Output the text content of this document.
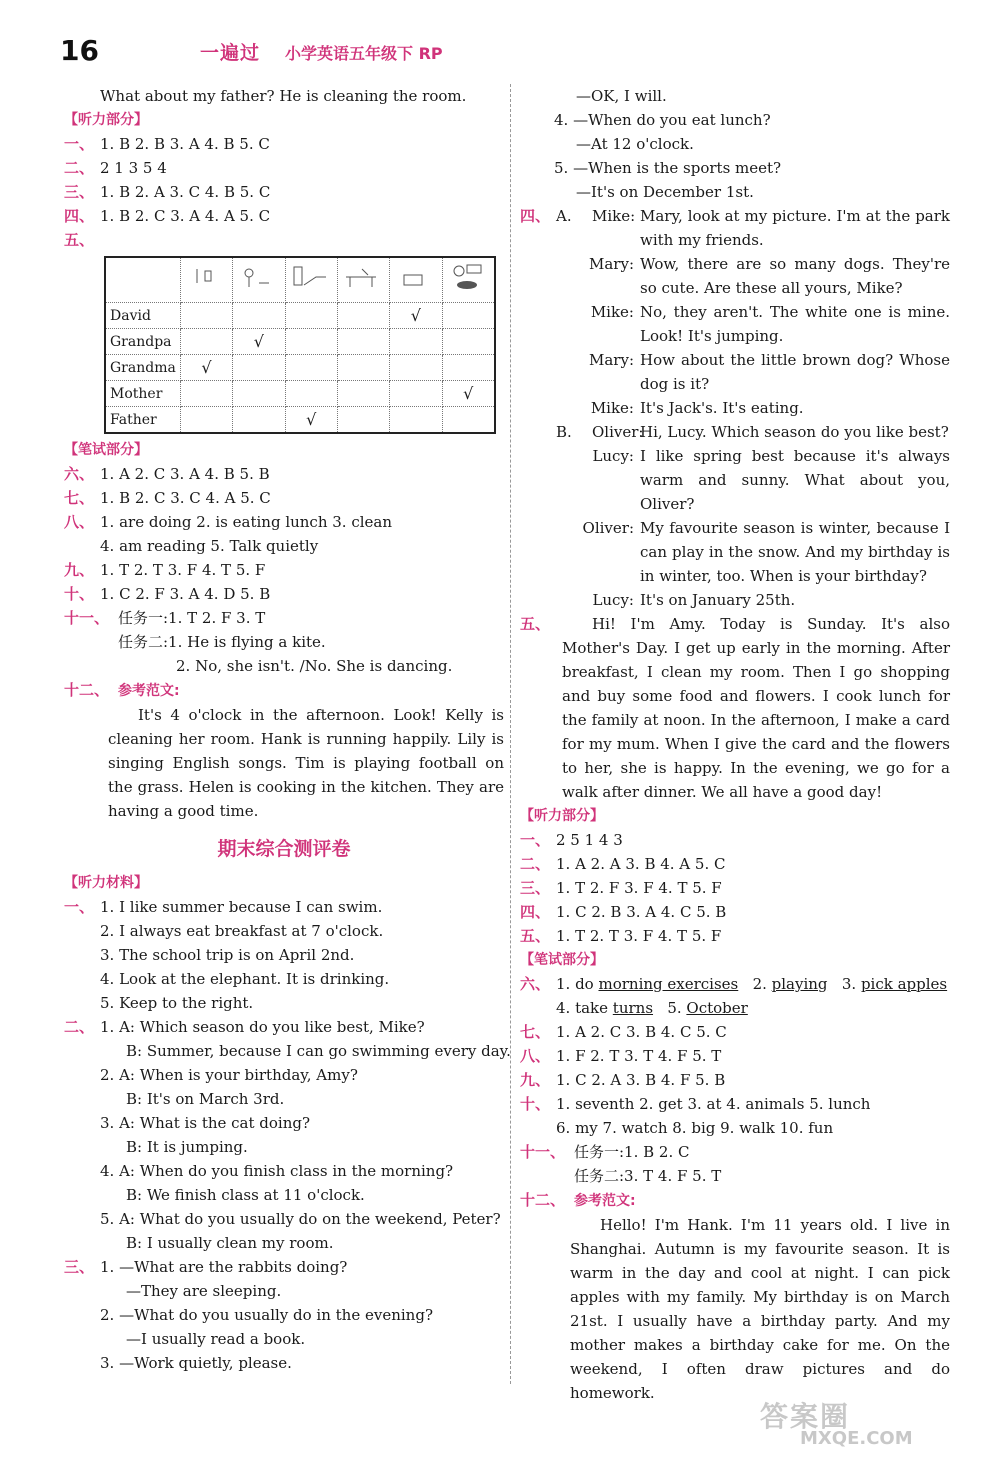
16	一遍过 小学英语五年级下 RP
What about my father? He is cleaning the room.
【听力部分】
一、 1. B 2. B 3. A 4. B 5. C
二、 2 1 3 5 4
三、 1. B 2. A 3. C 4. B 5. C
四、 1. B 2. C 3. A 4. A 5. C
五、

David					√	
Grandpa		√				
Grandma	√					
Mother						√
Father			√			
【笔试部分】
六、 1. A 2. C 3. A 4. B 5. B
七、 1. B 2. C 3. C 4. A 5. C
八、 1. are doing 2. is eating lunch 3. clean
4. am reading 5. Talk quietly
九、 1. T 2. T 3. F 4. T 5. F
十、 1. C 2. F 3. A 4. D 5. B
十一、 任务一:1. T 2. F 3. T
任务二:1. He is flying a kite.
2. No, she isn't. /No. She is dancing.
十二、 参考范文:
It's 4 o'clock in the afternoon. Look! Kelly is cleaning her room. Hank is running happily. Lily is singing English songs. Tim is playing football on the grass. Helen is cooking in the kitchen. They are having a good time.
期末综合测评卷
【听力材料】
一、 1. I like summer because I can swim.
2. I always eat breakfast at 7 o'clock.
3. The school trip is on April 2nd.
4. Look at the elephant. It is drinking.
5. Keep to the right.
二、 1. A: Which season do you like best, Mike?
B: Summer, because I can go swimming every day.
2. A: When is your birthday, Amy?
B: It's on March 3rd.
3. A: What is the cat doing?
B: It is jumping.
4. A: When do you finish class in the morning?
B: We finish class at 11 o'clock.
5. A: What do you usually do on the weekend, Peter?
B: I usually clean my room.
三、 1. —What are the rabbits doing?
—They are sleeping.
2. —What do you usually do in the evening?
—I usually read a book.
3. —Work quietly, please.
—OK, I will.
4. —When do you eat lunch?
—At 12 o'clock.
5. —When is the sports meet?
—It's on December 1st.
四、 A.	Mike: Mary, look at my picture. I'm at the park with my friends.
Mary: Wow, there are so many dogs. They're so cute. Are these all yours, Mike?
Mike: No, they aren't. The white one is mine. Look! It's jumping.
Mary: How about the little brown dog? Whose dog is it?
Mike: It's Jack's. It's eating.
B.	Oliver:
Hi, Lucy. Which season do you like best?
Lucy: I like spring best because it's always warm and sunny. What about you, Oliver?
Oliver: My favourite season is winter, because I can play in the snow. And my birthday is in winter, too. When is your birthday?
Lucy: It's on January 25th.
五、	Hi! I'm Amy. Today is Sunday. It's also Mother's Day. I get up early in the morning. After breakfast, I clean my room. Then I go shopping and buy some food and flowers. I cook lunch for the family at noon. In the afternoon, I make a card for my mum. When I give the card and the flowers to her, she is happy. In the evening, we go for a walk after dinner. We all have a good day!
【听力部分】
一、 2 5 1 4 3
二、 1. A 2. A 3. B 4. A 5. C
三、 1. T 2. F 3. F 4. T 5. F
四、 1. C 2. B 3. A 4. C 5. B
五、 1. T 2. T 3. F 4. T 5. F
【笔试部分】
六、 1. do morning exercises   2. playing   3. pick apples
4. take turns   5. October
七、 1. A 2. C 3. B 4. C 5. C
八、 1. F 2. T 3. T 4. F 5. T
九、 1. C 2. A 3. B 4. F 5. B
十、 1. seventh 2. get 3. at 4. animals 5. lunch
6. my 7. watch 8. big 9. walk 10. fun
十一、 任务一:1. B 2. C
任务二:3. T 4. F 5. T
十二、 参考范文:
Hello! I'm Hank. I'm 11 years old. I live in Shanghai. Autumn is my favourite season. It is warm in the day and cool at night. I can pick apples with my family. My birthday is on March 21st. I usually have a birthday party. And my mother makes a birthday cake for me. On the weekend, I often draw pictures and do homework.
答案圈
MXQE.COM
